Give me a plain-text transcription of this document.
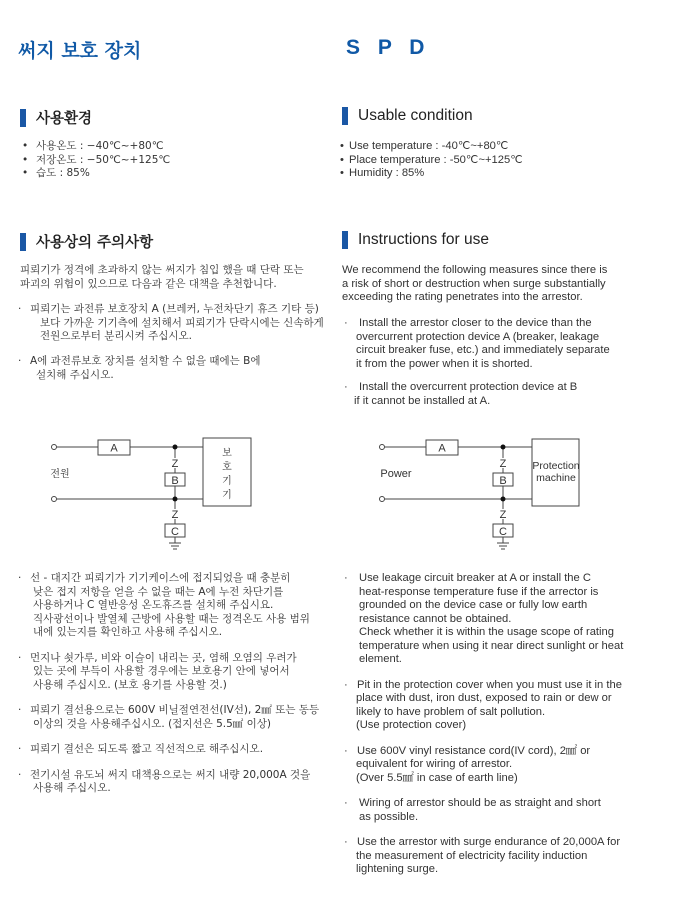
써지 보호 장치	S P D
사용환경
• 사용온도 : −40℃~+80℃
• 저장온도 : −50℃~+125℃
• 습도 : 85%
Usable condition
• Use temperature : -40℃~+80℃
• Place temperature : -50℃~+125℃
• Humidity : 85%
사용상의 주의사항

피뢰기가 정격에 초과하지 않는 써지가 침입 했을 때 단락 또는

파괴의 위험이 있으므로 다음과 같은 대책을 추천합니다.

· 피뢰기는 과전류 보호장치 A (브레커, 누전차단기 휴즈 기타 등)

보다 가까운 기기측에 설치해서 피뢰기가 단락시에는 신속하게

전원으로부터 분리시켜 주십시오.

· A에 과전류보호 장치를 설치할 수 없을 때에는 B에

설치해 주십시오.

Instructions for use

We recommend the following measures since there is

a risk of short or destruction when surge substantially

exceeding the rating penetrates into the arrestor.

· Install the arrestor closer to the device than the

overcurrent protection device A (breaker, leakage

circuit breaker fuse, etc.) and immediately separate

it from the power when it is shorted.

· Install the overcurrent protection device at B

if it cannot be installed at A.

A
Z
B
Z
C
전원
보
호
기
기
A
Z
B
Z
C
Power
Protection
machine
· 선 - 대지간 피뢰기가 기기케이스에 접지되었을 때 충분히

낮은 접지 저항을 얻을 수 없을 때는 A에 누전 차단기를

사용하거나 C 열반응성 온도휴즈를 설치해 주십시요.

직사광선이나 발열체 근방에 사용할 때는 정격온도 사용 범위

내에 있는지를 확인하고 사용해 주십시오.

· 먼지나 쇳가루, 비와 이슬이 내리는 곳, 염해 오염의 우려가

있는 곳에 부득이 사용할 경우에는 보호용기 안에 넣어서

사용해 주십시오. (보호 용기를 사용할 것.)

· 피뢰기 결선용으로는 600V 비닐절연전선(IV선), 2㎟ 또는 동등

이상의 것을 사용해주십시오. (접지선은 5.5㎟ 이상)

· 피뢰기 결선은 되도록 짧고 직선적으로 해주십시오.

· 전기시설 유도뇌 써지 대책용으로는 써지 내량 20,000A 것을

사용해 주십시오.

· Use leakage circuit breaker at A or install the C

heat-response temperature fuse if the arrector is

grounded on the device case or fully low earth

resistance cannot be obtained.

Check whether it is within the usage scope of rating

temperature when using it near direct sunlight or heat

element.

· Pit in the protection cover when you must use it in the

place with dust, iron dust, exposed to rain or dew or

likely to have problem of salt pollution.

(Use protection cover)

· Use 600V vinyl resistance cord(IV cord), 2㎟ or

equivalent for wiring of arrestor.

(Over 5.5㎟ in case of earth line)

· Wiring of arrestor should be as straight and short

as possible.

· Use the arrestor with surge endurance of 20,000A for

the measurement of electricity facility induction

lightening surge.
